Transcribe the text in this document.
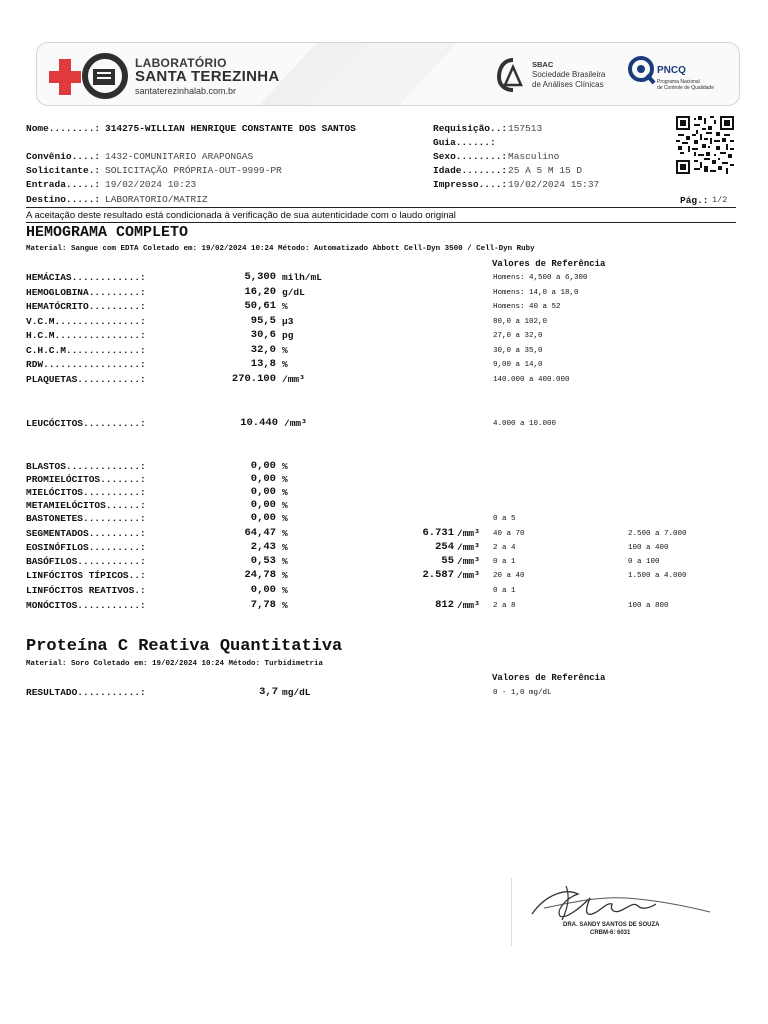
LABORATÓRIO
SANTA TEREZINHA
santaterezinhalab.com.br
SBAC
Sociedade Brasileira
de Análises Clínicas
PNCQ
Programa Nacional
de Controle de Qualidade
Nome........: 314275-WILLIAN HENRIQUE CONSTANTE DOS SANTOS
Convênio....: 1432-COMUNITARIO ARAPONGAS
Solicitante.: SOLICITAÇÃO PRÓPRIA-OUT-9999-PR
Entrada.....: 19/02/2024 10:23
Destino.....: LABORATORIO/MATRIZ
Requisição..: 157513
Guia......:
Sexo........: Masculino
Idade.......: 25 A 5 M 15 D
Impresso....: 19/02/2024 15:37
Pág.: 1/2
A aceitação deste resultado está condicionada à verificação de sua autenticidade com o laudo original
HEMOGRAMA COMPLETO
Material: Sangue com EDTA Coletado em: 19/02/2024 10:24 Método: Automatizado Abbott Cell-Dyn 3500 / Cell-Dyn Ruby
Valores de Referência
HEMÁCIAS............:	5,300 milh/mL	Homens: 4,500 a 6,300
HEMOGLOBINA.........:	16,20 g/dL	Homens: 14,0 a 18,0
HEMATÓCRITO.........:	50,61 %	Homens: 40 a 52
V.C.M...............:	95,5 µ3	80,0 a 102,0
H.C.M...............:	30,6 pg	27,0 a 32,0
C.H.C.M.............:	32,0 %	30,0 a 35,0
RDW.................:	13,8 %	9,00 a 14,0
PLAQUETAS...........:	270.100 /mm³	140.000 a 400.000
LEUCÓCITOS..........:	10.440 /mm³	4.000 a 10.000
BLASTOS.............:	0,00 %
PROMIELÓCITOS.......:	0,00 %
MIELÓCITOS..........:	0,00 %
METAMIELÓCITOS......:	0,00 %
BASTONETES..........:	0,00 %	0 a 5
SEGMENTADOS.........:	64,47 %	6.731 /mm³ 40 a 70	2.500 a 7.000
EOSINÓFILOS.........:	2,43 %	254 /mm³ 2 a 4	100 a 400
BASÓFILOS...........:	0,53 %	55 /mm³ 0 a 1	0 a 100
LINFÓCITOS TÍPICOS..:	24,78 %	2.587 /mm³ 20 a 40	1.500 a 4.000
LINFÓCITOS REATIVOS.:	0,00 %	0 a 1
MONÓCITOS...........:	7,78 %	812 /mm³ 2 a 8	100 a 800
Proteína C Reativa Quantitativa
Material: Soro Coletado em: 19/02/2024 10:24 Método: Turbidimetria
Valores de Referência
RESULTADO...........:	3,7 mg/dL	0 - 1,0 mg/dL
DRA. SANDY SANTOS DE SOUZA
CRBM-6: 6031
